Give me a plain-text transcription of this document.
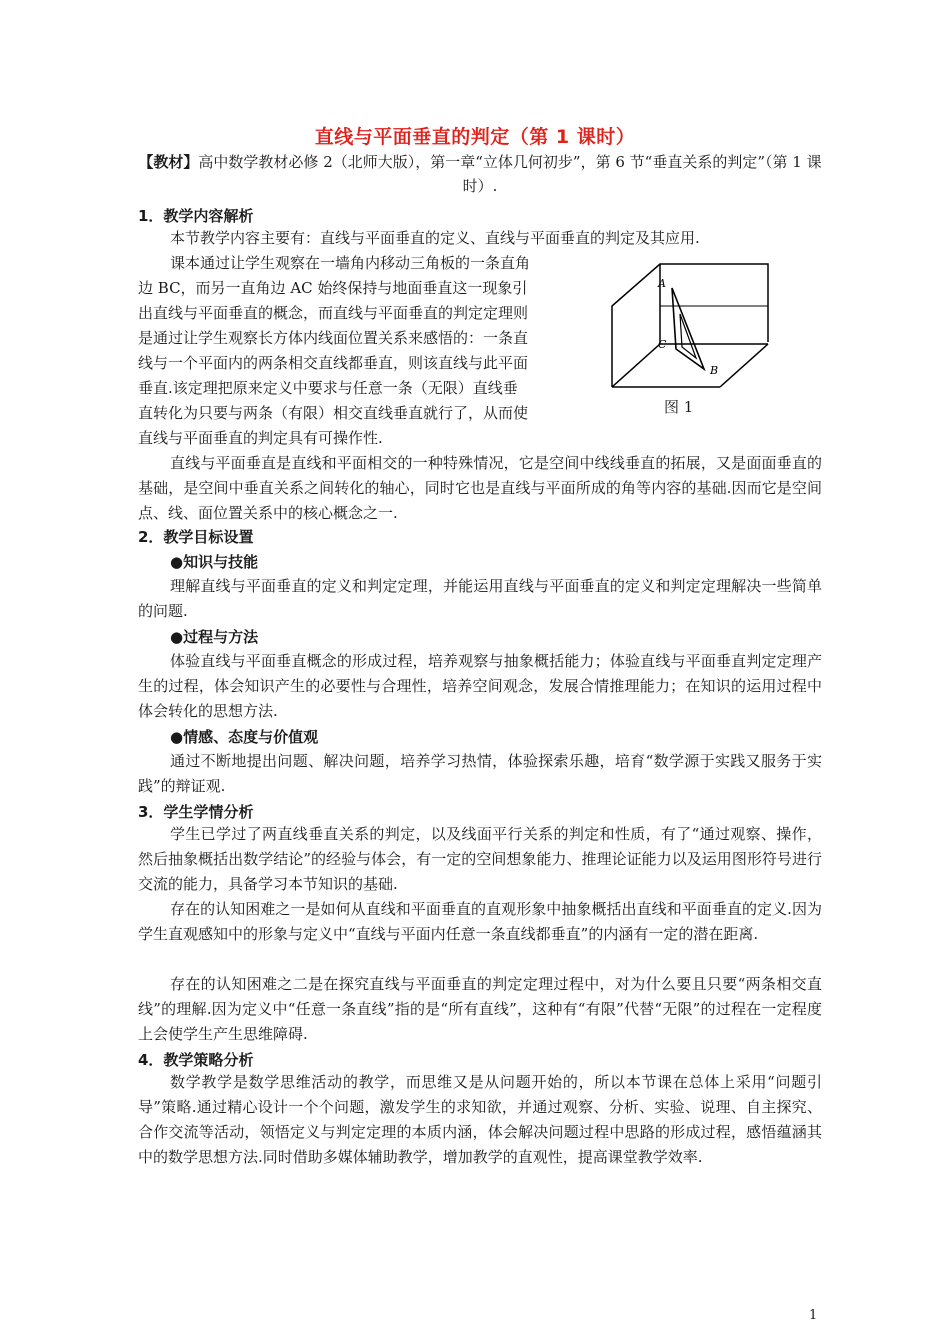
直线与平面垂直的判定（第 1 课时）
【教材】高中数学教材必修 2（北师大版），第一章“立体几何初步”，第 6 节“垂直关系的判定”（第 1 课时）.
1．教学内容解析

本节教学内容主要有：直线与平面垂直的定义、直线与平面垂直的判定及其应用.

课本通过让学生观察在一墙角内移动三角板的一条直角

边 BC，而另一直角边 AC 始终保持与地面垂直这一现象引

出直线与平面垂直的概念，而直线与平面垂直的判定定理则

是通过让学生观察长方体内线面位置关系来感悟的：一条直

线与一个平面内的两条相交直线都垂直，则该直线与此平面

垂直.该定理把原来定义中要求与任意一条（无限）直线垂

直转化为只要与两条（有限）相交直线垂直就行了，从而使

直线与平面垂直的判定具有可操作性.

A
C
B
图 1

直线与平面垂直是直线和平面相交的一种特殊情况，它是空间中线线垂直的拓展，又是面面垂直的基础，是空间中垂直关系之间转化的轴心，同时它也是直线与平面所成的角等内容的基础.因而它是空间点、线、面位置关系中的核心概念之一.

2．教学目标设置
●知识与技能

理解直线与平面垂直的定义和判定定理，并能运用直线与平面垂直的定义和判定定理解决一些简单的问题.

●过程与方法

体验直线与平面垂直概念的形成过程，培养观察与抽象概括能力；体验直线与平面垂直判定定理产生的过程，体会知识产生的必要性与合理性，培养空间观念，发展合情推理能力；在知识的运用过程中体会转化的思想方法.

●情感、态度与价值观

通过不断地提出问题、解决问题，培养学习热情，体验探索乐趣，培育“数学源于实践又服务于实践”的辩证观.

3．学生学情分析

学生已学过了两直线垂直关系的判定，以及线面平行关系的判定和性质，有了“通过观察、操作，然后抽象概括出数学结论”的经验与体会，有一定的空间想象能力、推理论证能力以及运用图形符号进行交流的能力，具备学习本节知识的基础.

存在的认知困难之一是如何从直线和平面垂直的直观形象中抽象概括出直线和平面垂直的定义.因为学生直观感知中的形象与定义中“直线与平面内任意一条直线都垂直”的内涵有一定的潜在距离.

存在的认知困难之二是在探究直线与平面垂直的判定定理过程中，对为什么要且只要“两条相交直线”的理解.因为定义中“任意一条直线”指的是“所有直线”，这种有“有限”代替“无限”的过程在一定程度上会使学生产生思维障碍.

4．教学策略分析

数学教学是数学思维活动的教学，而思维又是从问题开始的，所以本节课在总体上采用“问题引导”策略.通过精心设计一个个问题，激发学生的求知欲，并通过观察、分析、实验、说理、自主探究、合作交流等活动，领悟定义与判定定理的本质内涵，体会解决问题过程中思路的形成过程，感悟蕴涵其中的数学思想方法.同时借助多媒体辅助教学，增加教学的直观性，提高课堂教学效率.

1
